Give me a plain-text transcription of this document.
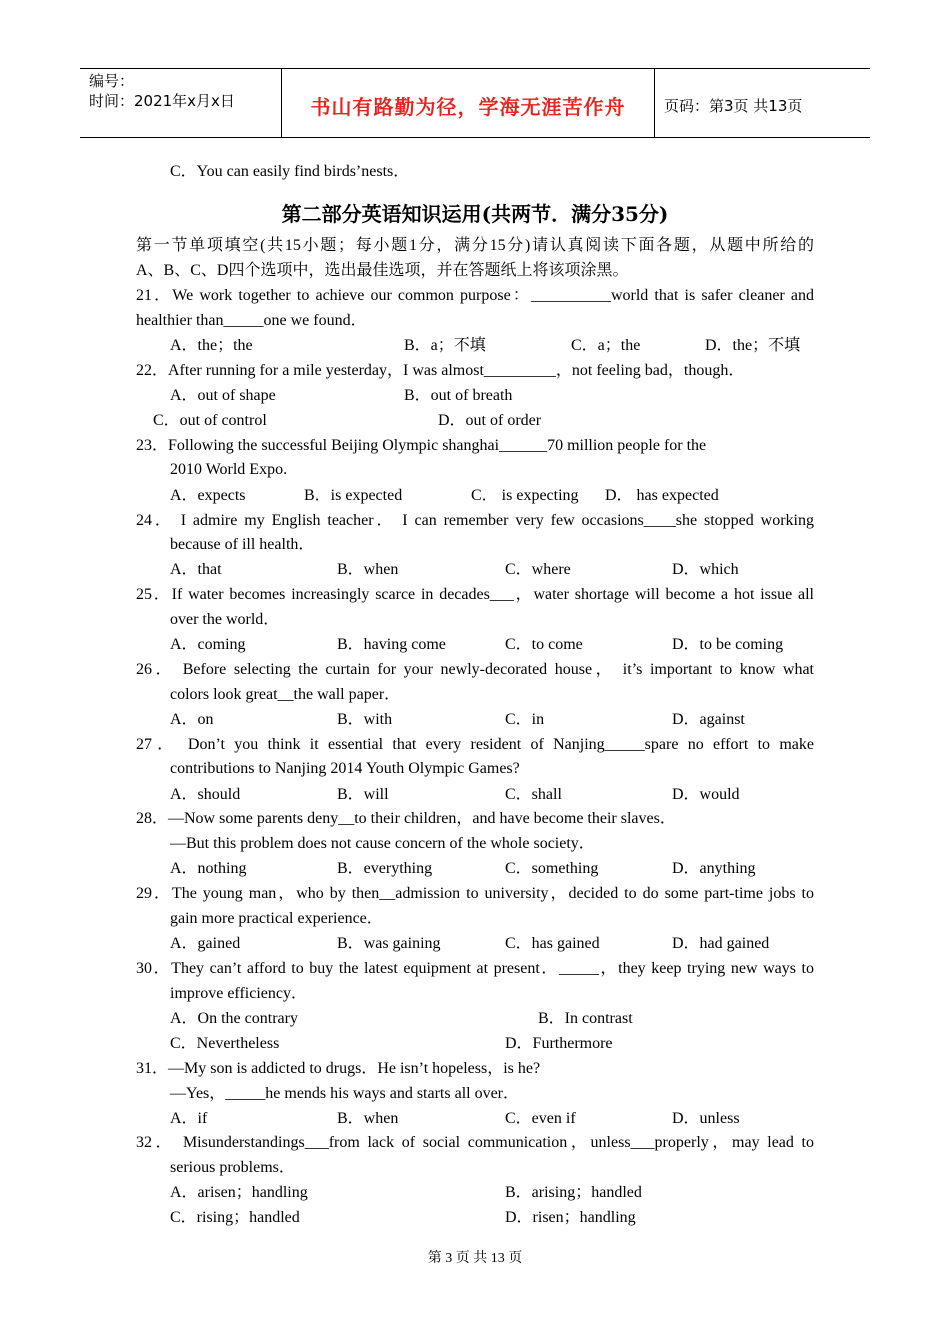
编号：
时间：2021年x月x日	书山有路勤为径，学海无涯苦作舟	页码：第3页 共13页
C．You can easily find birds’nests．
第二部分英语知识运用(共两节．满分35分)
第一节单项填空(共15小题；每小题1分，满分15分)请认真阅读下面各题，从题中所给的
A、B、C、D四个选项中，选出最佳选项，并在答题纸上将该项涂黑。
21．We work together to achieve our common purpose：__________world that is safer cleaner and
healthier than_____one we found．
A．the；the	B．a；不填	C．a；the	D．the；不填
22．After running for a mile yesterday，I was almost_________，not feeling bad，though．
A．out of shape	B．out of breath
C．out of control	D．out of order
23．Following the successful Beijing Olympic shanghai______70 million people for the
2010 World Expo.
A．expects	B．is expected	C． is expecting D． has expected
24． I admire my English teacher． I can remember very few occasions____she stopped working
because of ill health．
A．that	B．when	C．where	D．which
25．If water becomes increasingly scarce in decades___，water shortage will become a hot issue all
over the world．
A．coming	B．having come	C．to come	D．to be coming
26． Before selecting the curtain for your newly-decorated house， it’s important to know what
colors look great__the wall paper．
A．on	B．with	C．in	D．against
27． Don’t you think it essential that every resident of Nanjing_____spare no effort to make
contributions to Nanjing 2014 Youth Olympic Games?
A．should	B．will	C．shall	D．would
28．—Now some parents deny__to their children，and have become their slaves．
—But this problem does not cause concern of the whole society．
A．nothing	B．everything	C．something	D．anything
29．The young man，who by then__admission to university，decided to do some part-time jobs to
gain more practical experience．
A．gained	B．was gaining	C．has gained	D．had gained
30．They can’t afford to buy the latest equipment at present．_____，they keep trying new ways to
improve efficiency．
A．On the contrary	B．In contrast
C．Nevertheless	D．Furthermore
31．—My son is addicted to drugs．He isn’t hopeless，is he?
—Yes，_____he mends his ways and starts all over．
A．if	B．when	C．even if	D．unless
32． Misunderstandings___from lack of social communication，unless___properly，may lead to
serious problems．
A．arisen；handling	B．arising；handled
C．rising；handled	D．risen；handling
第 3 页 共 13 页
